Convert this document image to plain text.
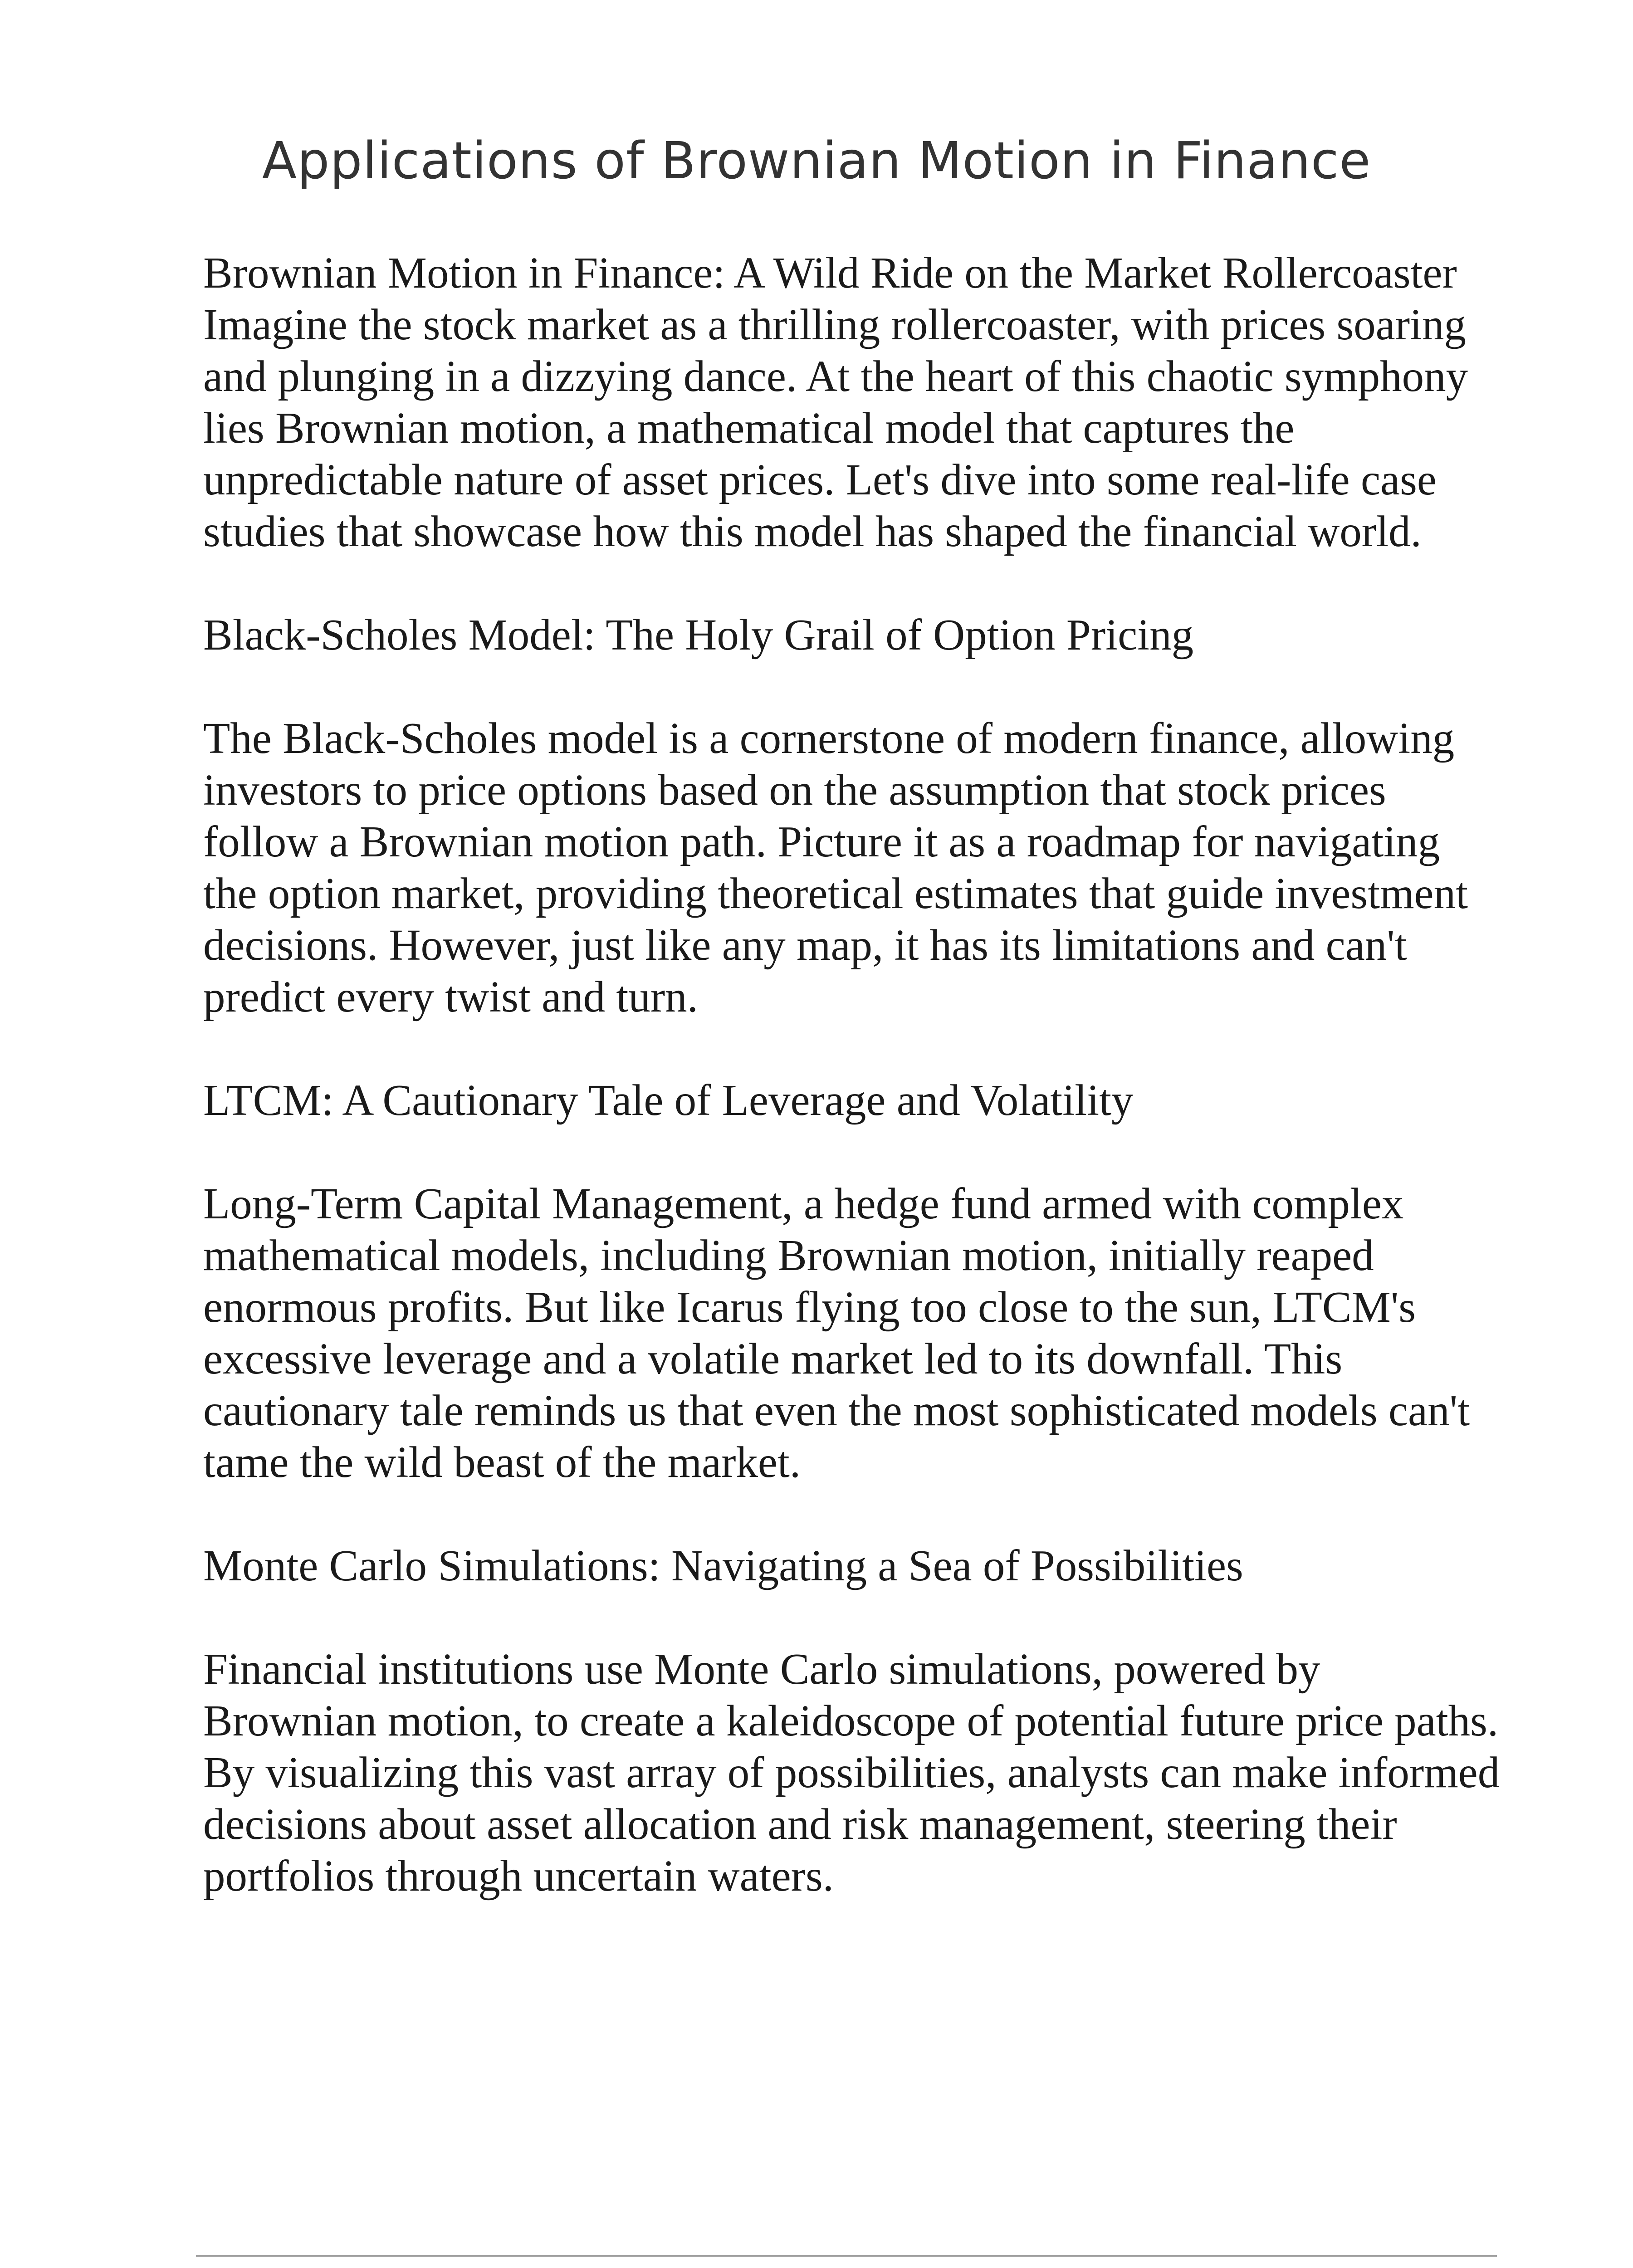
Applications of Brownian Motion in Finance

Brownian Motion in Finance: A Wild Ride on the Market Rollercoaster

Imagine the stock market as a thrilling rollercoaster, with prices soaring and plunging in a dizzying dance. At the heart of this chaotic symphony lies Brownian motion, a mathematical model that captures the unpredictable nature of asset prices. Let's dive into some real-life case studies that showcase how this model has shaped the financial world.

Black-Scholes Model: The Holy Grail of Option Pricing

The Black-Scholes model is a cornerstone of modern finance, allowing investors to price options based on the assumption that stock prices follow a Brownian motion path. Picture it as a roadmap for navigating the option market, providing theoretical estimates that guide investment decisions. However, just like any map, it has its limitations and can't predict every twist and turn.

LTCM: A Cautionary Tale of Leverage and Volatility

Long-Term Capital Management, a hedge fund armed with complex mathematical models, including Brownian motion, initially reaped enormous profits. But like Icarus flying too close to the sun, LTCM's excessive leverage and a volatile market led to its downfall. This cautionary tale reminds us that even the most sophisticated models can't tame the wild beast of the market.

Monte Carlo Simulations: Navigating a Sea of Possibilities

Financial institutions use Monte Carlo simulations, powered by Brownian motion, to create a kaleidoscope of potential future price paths. By visualizing this vast array of possibilities, analysts can make informed decisions about asset allocation and risk management, steering their portfolios through uncertain waters.
